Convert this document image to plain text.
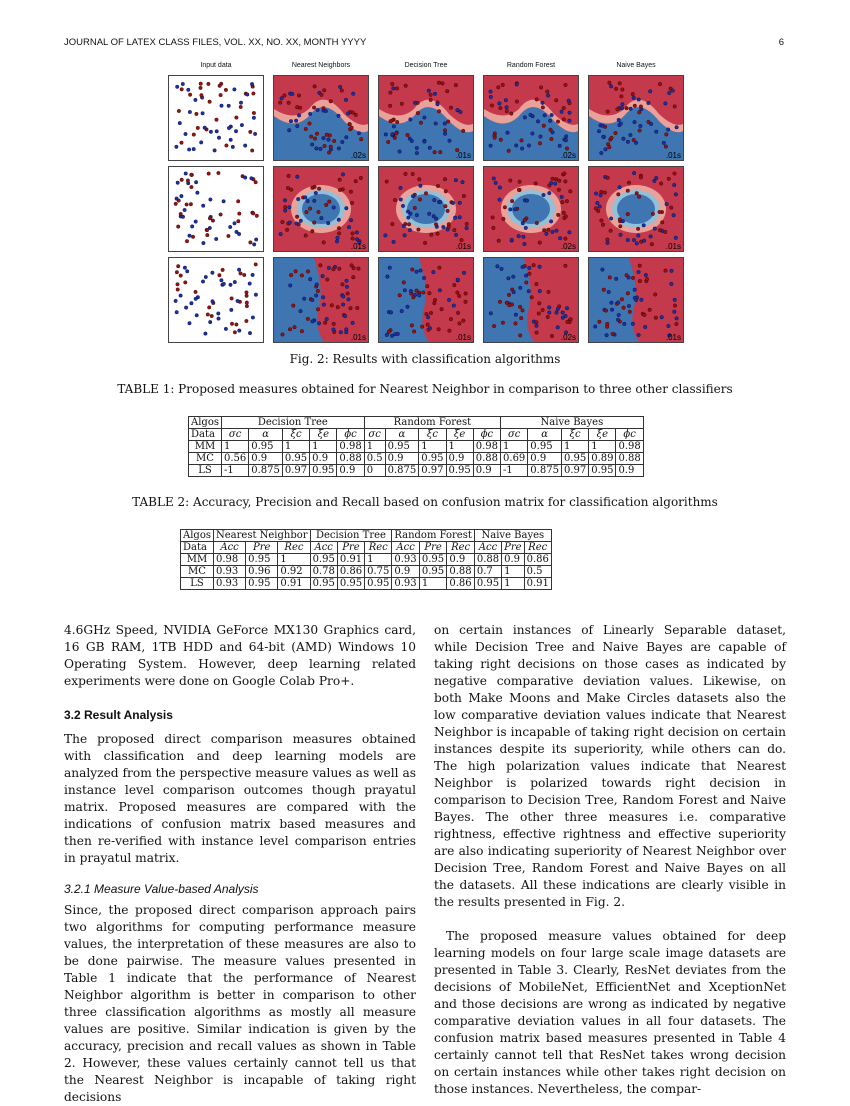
JOURNAL OF LATEX CLASS FILES, VOL. XX, NO. XX, MONTH YYYY	6
Input data	Nearest Neighbors	Decision Tree	Random Forest	Naive Bayes
.02s	.01s	.02s	.01s
.01s	.01s	.02s	.01s
.01s	.01s	.02s	.01s
Fig. 2: Results with classification algorithms
TABLE 1: Proposed measures obtained for Nearest Neighbor in comparison to three other classifiers
Algos	Decision Tree					Random Forest					Naive Bayes				
Data	σc	α	ξc	ξe	ϕc	σc	α	ξc	ξe	ϕc	σc	α	ξc	ξe	ϕc
MM	1	0.95	1	1	0.98	1	0.95	1	1	0.98	1	0.95	1	1	0.98
MC	0.56	0.9	0.95	0.9	0.88	0.5	0.9	0.95	0.9	0.88	0.69	0.9	0.95	0.89	0.88
LS	-1	0.875	0.97	0.95	0.9	0	0.875	0.97	0.95	0.9	-1	0.875	0.97	0.95	0.9
TABLE 2: Accuracy, Precision and Recall based on confusion matrix for classification algorithms
Algos	Nearest Neighbor			Decision Tree			Random Forest			Naive Bayes		
Data	Acc	Pre	Rec	Acc	Pre	Rec	Acc	Pre	Rec	Acc	Pre	Rec
MM	0.98	0.95	1	0.95	0.91	1	0.93	0.95	0.9	0.88	0.9	0.86
MC	0.93	0.96	0.92	0.78	0.86	0.75	0.9	0.95	0.88	0.7	1	0.5
LS	0.93	0.95	0.91	0.95	0.95	0.95	0.93	1	0.86	0.95	1	0.91

4.6GHz Speed, NVIDIA GeForce MX130 Graphics card, 16 GB RAM, 1TB HDD and 64-bit (AMD) Windows 10 Operating System. However, deep learning related experiments were done on Google Colab Pro+.

3.2 Result Analysis

The proposed direct comparison measures obtained with classification and deep learning models are analyzed from the perspective measure values as well as instance level comparison outcomes though prayatul matrix. Proposed measures are compared with the indications of confusion matrix based measures and then re-verified with instance level comparison entries in prayatul matrix.

3.2.1 Measure Value-based Analysis

Since, the proposed direct comparison approach pairs two algorithms for computing performance measure values, the interpretation of these measures are also to be done pairwise. The measure values presented in Table 1 indicate that the performance of Nearest Neighbor algorithm is better in comparison to other three classification algorithms as mostly all measure values are positive. Similar indication is given by the accuracy, precision and recall values as shown in Table 2. However, these values certainly cannot tell us that the Nearest Neighbor is incapable of taking right decisions

on certain instances of Linearly Separable dataset, while Decision Tree and Naive Bayes are capable of taking right decisions on those cases as indicated by negative comparative deviation values. Likewise, on both Make Moons and Make Circles datasets also the low comparative deviation values indicate that Nearest Neighbor is incapable of taking right decision on certain instances despite its superiority, while others can do. The high polarization values indicate that Nearest Neighbor is polarized towards right decision in comparison to Decision Tree, Random Forest and Naive Bayes. The other three measures i.e. comparative rightness, effective rightness and effective superiority are also indicating superiority of Nearest Neighbor over Decision Tree, Random Forest and Naive Bayes on all the datasets. All these indications are clearly visible in the results presented in Fig. 2.

The proposed measure values obtained for deep learning models on four large scale image datasets are presented in Table 3. Clearly, ResNet deviates from the decisions of MobileNet, EfficientNet and XceptionNet and those decisions are wrong as indicated by negative comparative deviation values in all four datasets. The confusion matrix based measures presented in Table 4 certainly cannot tell that ResNet takes wrong decision on certain instances while other takes right decision on those instances. Nevertheless, the compar-
